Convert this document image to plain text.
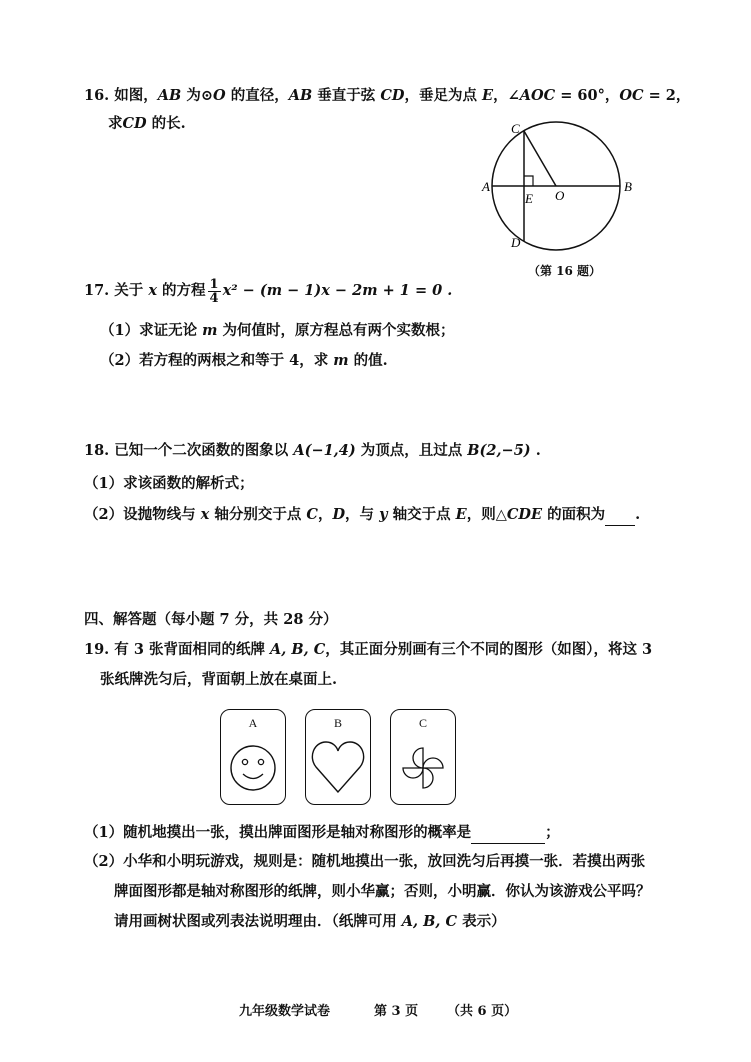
16. 如图，AB 为⊙O 的直径，AB 垂直于弦 CD，垂足为点 E，∠AOC = 60°，OC = 2，
求CD 的长.	C
A
E O
B
D
（第 16 题）
17. 关于 x 的方程 $\frac{1}{4} x^2 - (m - 1)x - 2m + 1 = 0$ .
（1）求证无论 m 为何值时，原方程总有两个实数根；
（2）若方程的两根之和等于 4，求 m 的值.
18. 已知一个二次函数的图象以 A(−1,4) 为顶点，且过点 B(2,−5) .
（1）求该函数的解析式；
（2）设抛物线与 x 轴分别交于点 C，D，与 y 轴交于点 E，则△CDE 的面积为 .
四、解答题（每小题 7 分，共 28 分）
19. 有 3 张背面相同的纸牌 A, B, C，其正面分别画有三个不同的图形（如图），将这 3
张纸牌洗匀后，背面朝上放在桌面上.
A	B	C
（1）随机地摸出一张，摸出牌面图形是轴对称图形的概率是	；
（2）小华和小明玩游戏，规则是：随机地摸出一张，放回洗匀后再摸一张．若摸出两张
牌面图形都是轴对称图形的纸牌，则小华赢；否则，小明赢．你认为该游戏公平吗？
请用画树状图或列表法说明理由．（纸牌可用 A, B, C 表示）
九年级数学试卷	第 3 页 （共 6 页）
